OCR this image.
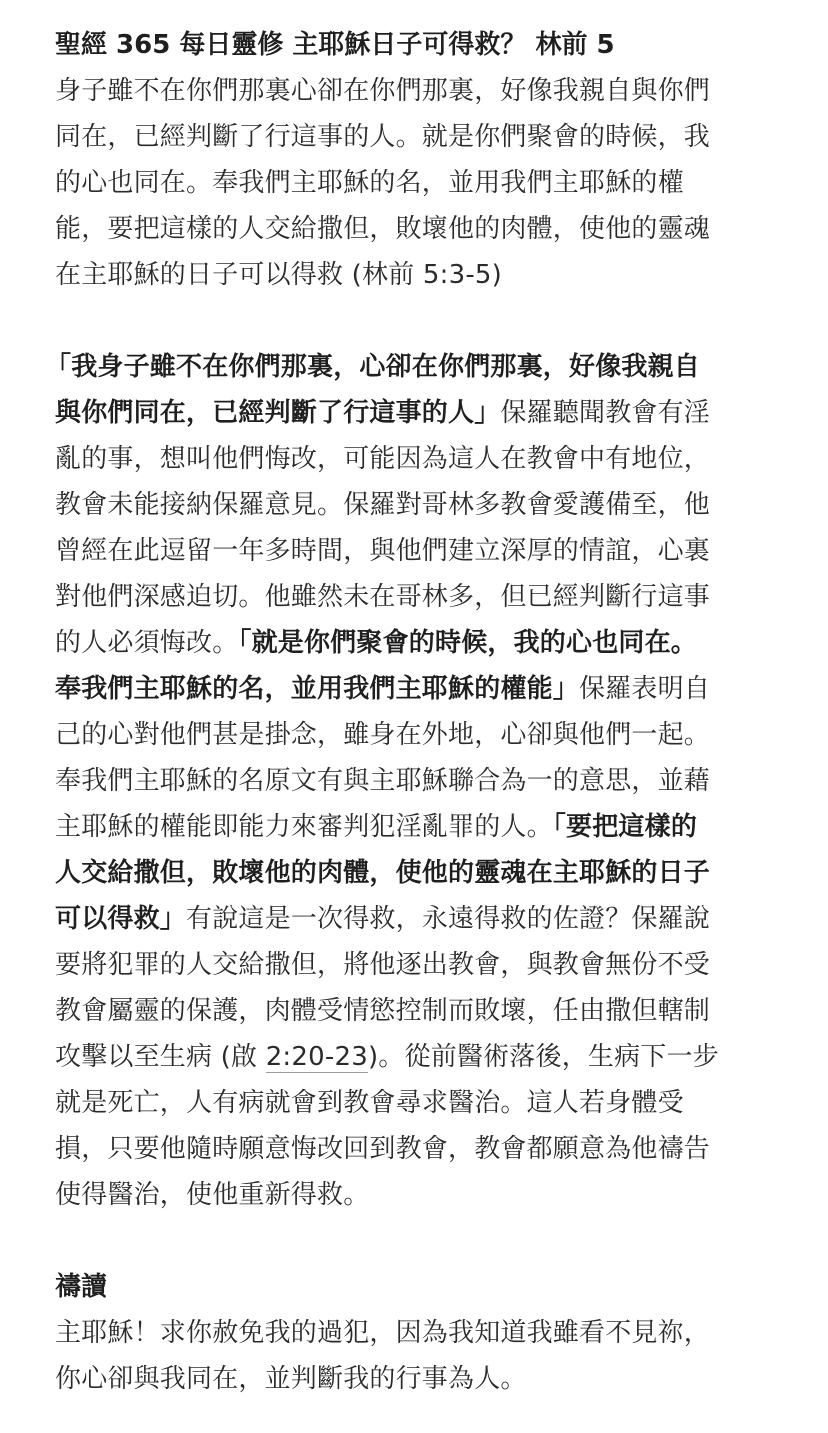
聖經 365 每日靈修 主耶穌日子可得救？ 林前 5

身子雖不在你們那裏心卻在你們那裏，好像我親自與你們

同在，已經判斷了行這事的人。就是你們聚會的時候，我

的心也同在。奉我們主耶穌的名，並用我們主耶穌的權

能，要把這樣的人交給撒但，敗壞他的肉體，使他的靈魂

在主耶穌的日子可以得救 (林前 5:3-5)

「我身子雖不在你們那裏，心卻在你們那裏，好像我親自

與你們同在，已經判斷了行這事的人」保羅聽聞教會有淫

亂的事，想叫他們悔改，可能因為這人在教會中有地位，

教會未能接納保羅意見。保羅對哥林多教會愛護備至，他

曾經在此逗留一年多時間，與他們建立深厚的情誼，心裏

對他們深感迫切。他雖然未在哥林多，但已經判斷行這事

的人必須悔改。「就是你們聚會的時候，我的心也同在。

奉我們主耶穌的名，並用我們主耶穌的權能」保羅表明自

己的心對他們甚是掛念，雖身在外地，心卻與他們一起。

奉我們主耶穌的名原文有與主耶穌聯合為一的意思，並藉

主耶穌的權能即能力來審判犯淫亂罪的人。「要把這樣的

人交給撒但，敗壞他的肉體，使他的靈魂在主耶穌的日子

可以得救」有說這是一次得救，永遠得救的佐證？保羅說

要將犯罪的人交給撒但，將他逐出教會，與教會無份不受

教會屬靈的保護，肉體受情慾控制而敗壞，任由撒但轄制

攻擊以至生病 (啟 2:20-23)。從前醫術落後，生病下一步

就是死亡，人有病就會到教會尋求醫治。這人若身體受

損，只要他隨時願意悔改回到教會，教會都願意為他禱告

使得醫治，使他重新得救。

禱讀

主耶穌！求你赦免我的過犯，因為我知道我雖看不見祢，

你心卻與我同在，並判斷我的行事為人。
